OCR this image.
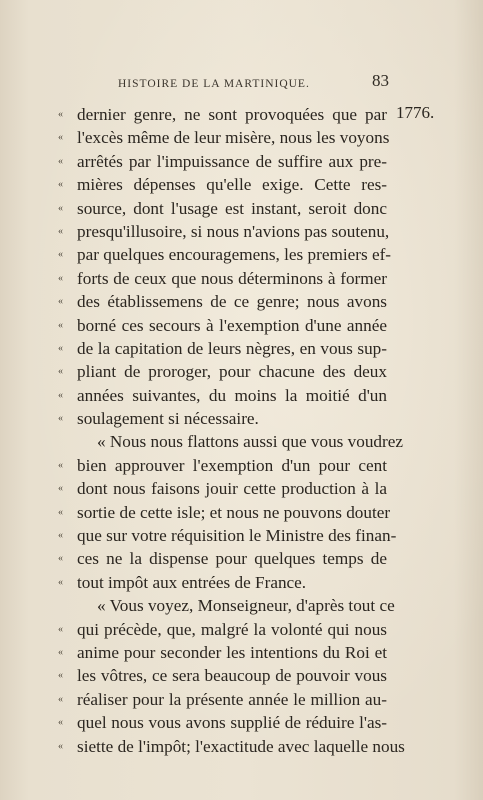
HISTOIRE DE LA MARTINIQUE.	83
1776.
« dernier genre, ne sont provoquées que par
« l'excès même de leur misère, nous les voyons
« arrêtés par l'impuissance de suffire aux pre-
« mières dépenses qu'elle exige. Cette res-
« source, dont l'usage est instant, seroit donc
« presqu'illusoire, si nous n'avions pas soutenu,
« par quelques encouragemens, les premiers ef-
« forts de ceux que nous déterminons à former
« des établissemens de ce genre; nous avons
« borné ces secours à l'exemption d'une année
« de la capitation de leurs nègres, en vous sup-
« pliant de proroger, pour chacune des deux
« années suivantes, du moins la moitié d'un
« soulagement si nécessaire.
« Nous nous flattons aussi que vous voudrez
« bien approuver l'exemption d'un pour cent
« dont nous faisons jouir cette production à la
« sortie de cette isle; et nous ne pouvons douter
« que sur votre réquisition le Ministre des finan-
« ces ne la dispense pour quelques temps de
« tout impôt aux entrées de France.
« Vous voyez, Monseigneur, d'après tout ce
« qui précède, que, malgré la volonté qui nous
« anime pour seconder les intentions du Roi et
« les vôtres, ce sera beaucoup de pouvoir vous
« réaliser pour la présente année le million au-
« quel nous vous avons supplié de réduire l'as-
« siette de l'impôt; l'exactitude avec laquelle nous
